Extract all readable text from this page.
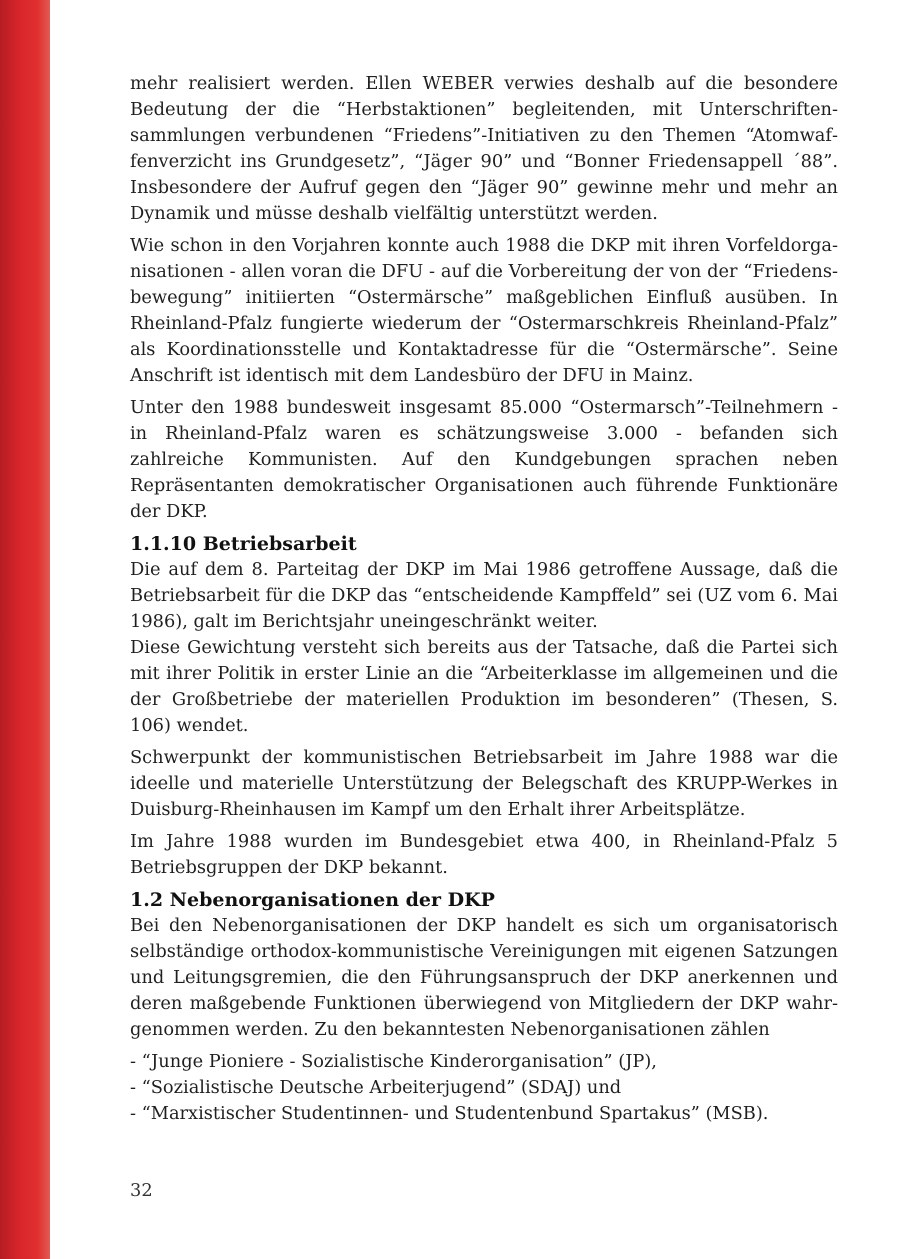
mehr realisiert werden. Ellen WEBER verwies deshalb auf die besondere Bedeutung der die “Herbstaktionen” begleitenden, mit Unterschriftensammlungen verbundenen “Friedens”-Initiativen zu den Themen “Atomwaffenverzicht ins Grundgesetz”, “Jäger 90” und “Bonner Friedensappell ´88”. Insbesondere der Aufruf gegen den “Jäger 90” gewinne mehr und mehr an Dynamik und müsse deshalb vielfältig unterstützt werden.

Wie schon in den Vorjahren konnte auch 1988 die DKP mit ihren Vorfeldorganisationen - allen voran die DFU - auf die Vorbereitung der von der “Friedensbewegung” initiierten “Ostermärsche” maßgeblichen Einfluß ausüben. In Rheinland-Pfalz fungierte wiederum der “Ostermarschkreis Rheinland-Pfalz” als Koordinationsstelle und Kontaktadresse für die “Ostermärsche”. Seine Anschrift ist identisch mit dem Landesbüro der DFU in Mainz.

Unter den 1988 bundesweit insgesamt 85.000 “Ostermarsch”-Teilnehmern - in Rheinland-Pfalz waren es schätzungsweise 3.000 - befanden sich zahlreiche Kommunisten. Auf den Kundgebungen sprachen neben Repräsentanten demokratischer Organisationen auch führende Funktionäre der DKP.

1.1.10 Betriebsarbeit

Die auf dem 8. Parteitag der DKP im Mai 1986 getroffene Aussage, daß die Betriebsarbeit für die DKP das “entscheidende Kampffeld” sei (UZ vom 6. Mai 1986), galt im Berichtsjahr uneingeschränkt weiter.

Diese Gewichtung versteht sich bereits aus der Tatsache, daß die Partei sich mit ihrer Politik in erster Linie an die “Arbeiterklasse im allgemeinen und die der Großbetriebe der materiellen Produktion im besonderen” (Thesen, S. 106) wendet.

Schwerpunkt der kommunistischen Betriebsarbeit im Jahre 1988 war die ideelle und materielle Unterstützung der Belegschaft des KRUPP-Werkes in Duisburg-Rheinhausen im Kampf um den Erhalt ihrer Arbeitsplätze.

Im Jahre 1988 wurden im Bundesgebiet etwa 400, in Rheinland-Pfalz 5 Betriebsgruppen der DKP bekannt.

1.2 Nebenorganisationen der DKP

Bei den Nebenorganisationen der DKP handelt es sich um organisatorisch selbständige orthodox-kommunistische Vereinigungen mit eigenen Satzungen und Leitungsgremien, die den Führungsanspruch der DKP anerkennen und deren maßgebende Funktionen überwiegend von Mitgliedern der DKP wahrgenommen werden. Zu den bekanntesten Nebenorganisationen zählen

- “Junge Pioniere - Sozialistische Kinderorganisation” (JP),
- “Sozialistische Deutsche Arbeiterjugend” (SDAJ) und
- “Marxistischer Studentinnen- und Studentenbund Spartakus” (MSB).
32
